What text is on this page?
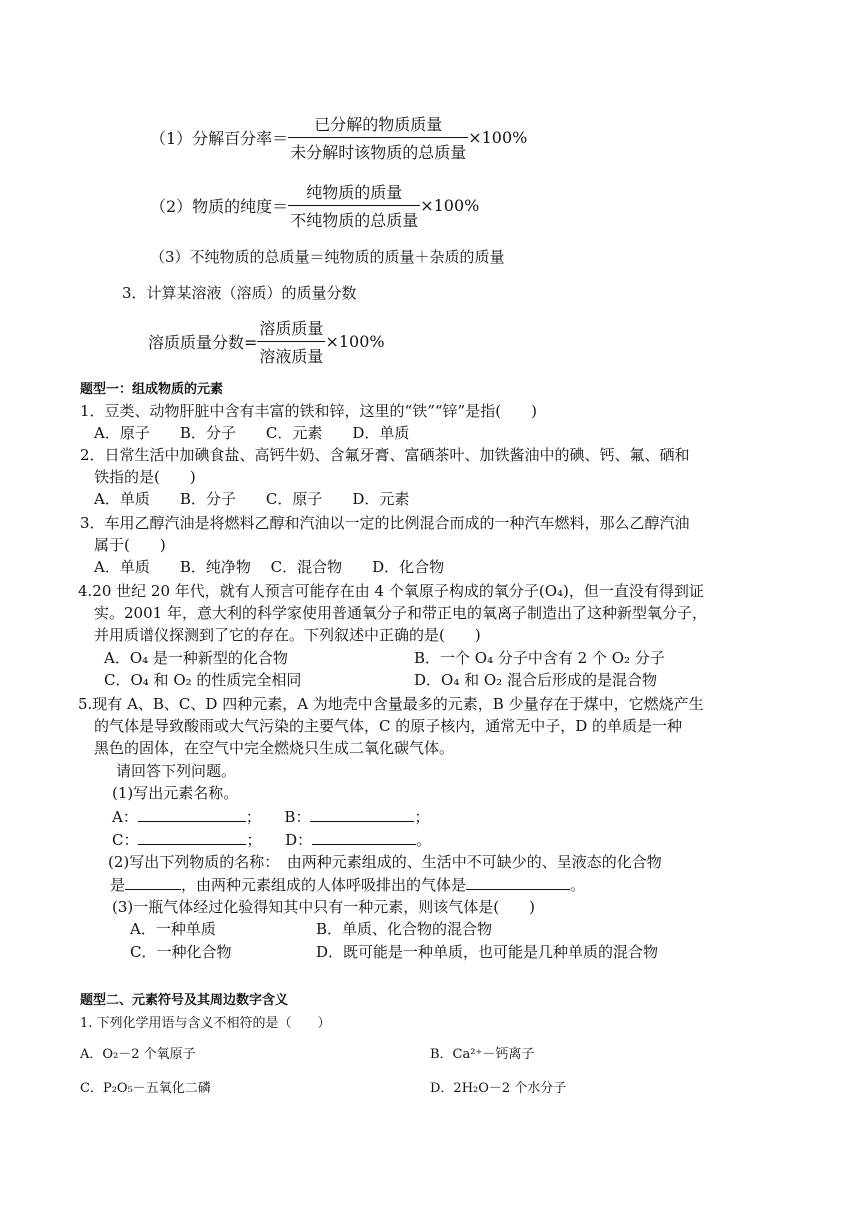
（1）分解百分率＝ $\frac{\text{已分解的物质质量}}{\text{未分解时该物质的总质量}} \times 100\%$
（2）物质的纯度＝ $\frac{\text{纯物质的质量}}{\text{不纯物质的总质量}} \times 100\%$
（3）不纯物质的总质量＝纯物质的质量＋杂质的质量
3．计算某溶液（溶质）的质量分数
溶质质量分数= $\frac{\text{溶质质量}}{\text{溶液质量}} \times 100\%$
题型一：组成物质的元素
1．豆类、动物肝脏中含有丰富的铁和锌，这里的“铁”“锌”是指(　　)
A．原子　　B．分子　　C．元素　　D．单质
2．日常生活中加碘食盐、高钙牛奶、含氟牙膏、富硒茶叶、加铁酱油中的碘、钙、氟、硒和
铁指的是(　　)
A．单质　　B．分子　　C．原子　　D．元素
3．车用乙醇汽油是将燃料乙醇和汽油以一定的比例混合而成的一种汽车燃料，那么乙醇汽油
属于(　　)
A．单质　　B．纯净物　 C．混合物　　D．化合物
4.20 世纪 20 年代，就有人预言可能存在由 4 个氧原子构成的氧分子(O₄)，但一直没有得到证
实。2001 年，意大利的科学家使用普通氧分子和带正电的氧离子制造出了这种新型氧分子，
并用质谱仪探测到了它的存在。下列叙述中正确的是(　　)
A．O₄ 是一种新型的化合物	B．一个 O₄ 分子中含有 2 个 O₂ 分子
C．O₄ 和 O₂ 的性质完全相同	D．O₄ 和 O₂ 混合后形成的是混合物
5.现有 A、B、C、D 四种元素，A 为地壳中含量最多的元素，B 少量存在于煤中，它燃烧产生
的气体是导致酸雨或大气污染的主要气体，C 的原子核内，通常无中子，D 的单质是一种
黑色的固体，在空气中完全燃烧只生成二氧化碳气体。
请回答下列问题。
(1)写出元素名称。
A：	； B：	；
C：	； D：	。
(2)写出下列物质的名称：　由两种元素组成的、生活中不可缺少的、呈液态的化合物
是	，由两种元素组成的人体呼吸排出的气体是	。
(3)一瓶气体经过化验得知其中只有一种元素，则该气体是(　　)
A．一种单质	B．单质、化合物的混合物
C．一种化合物	D．既可能是一种单质，也可能是几种单质的混合物
题型二、元素符号及其周边数字含义
1. 下列化学用语与含义不相符的是（　　）
A．O₂－2 个氧原子	B．Ca²⁺－钙离子
C．P₂O₅－五氧化二磷	D．2H₂O－2 个水分子
